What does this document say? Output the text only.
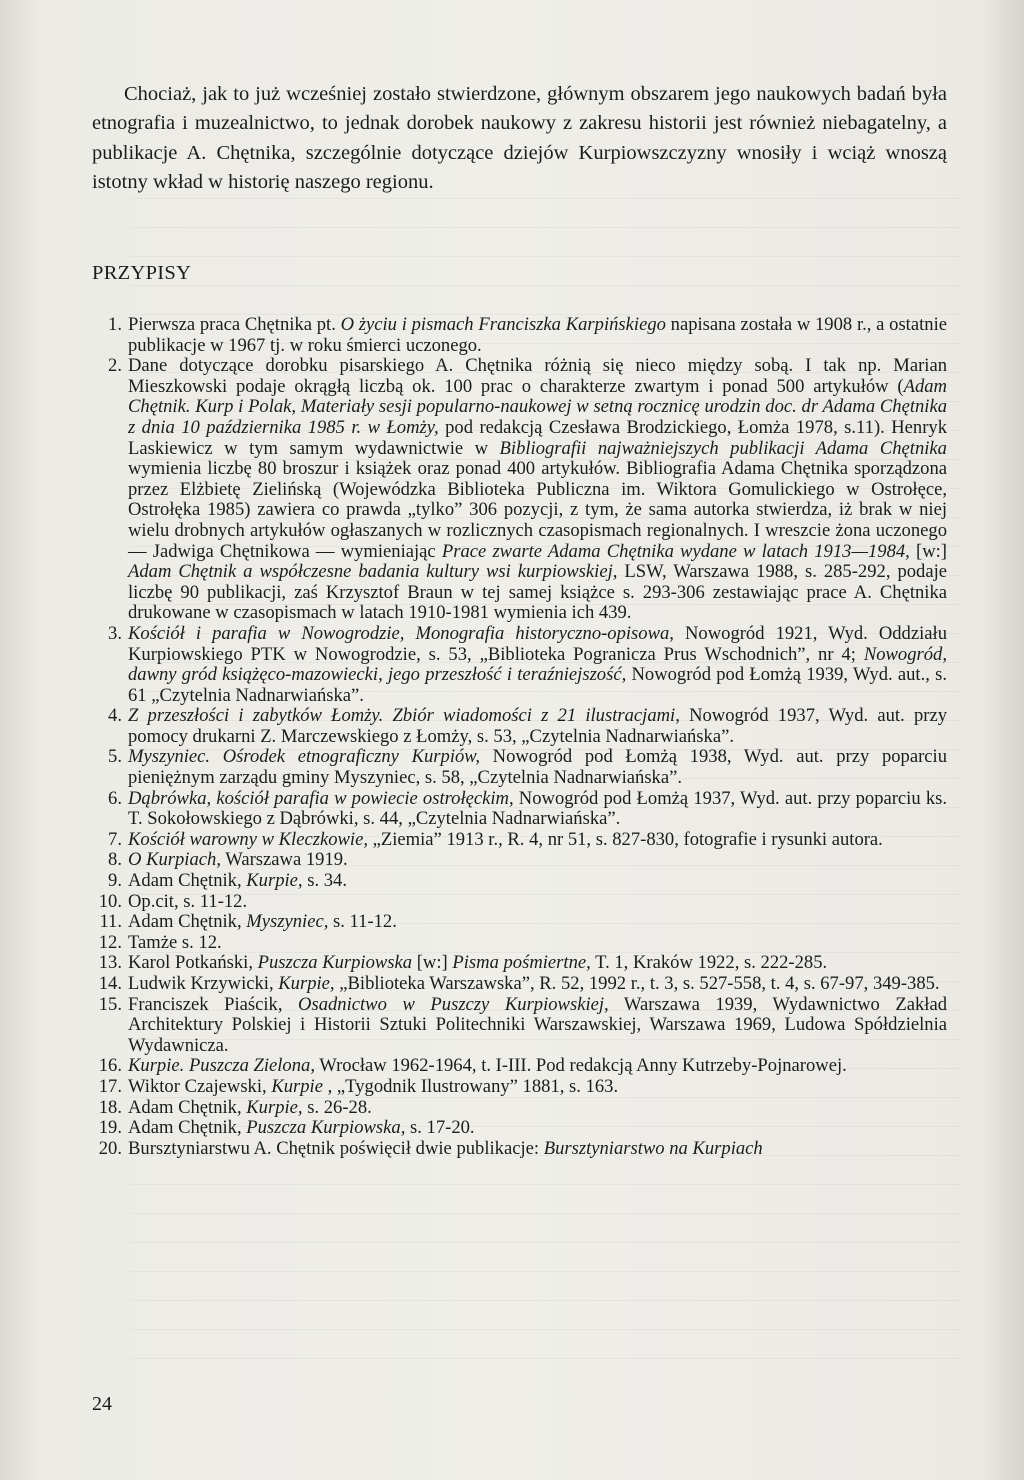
Chociaż, jak to już wcześniej zostało stwierdzone, głównym obszarem jego naukowych badań była etnografia i muzealnictwo, to jednak dorobek naukowy z zakresu historii jest również niebagatelny, a publikacje A. Chętnika, szczególnie dotyczące dziejów Kurpiowszczyzny wnosiły i wciąż wnoszą istotny wkład w historię naszego regionu.

PRZYPISY
1 . Pierwsza praca Chętnika pt. O życiu i pismach Franciszka Karpińskiego napisana została w 1908 r., a ostatnie publikacje w 1967 tj. w roku śmierci uczonego.
2 . Dane dotyczące dorobku pisarskiego A. Chętnika różnią się nieco między sobą. I tak np. Marian Mieszkowski podaje okrągłą liczbą ok. 100 prac o charakterze zwartym i ponad 500 artykułów (Adam Chętnik. Kurp i Polak, Materiały sesji popularno-naukowej w setną rocznicę urodzin doc. dr Adama Chętnika z dnia 10 października 1985 r. w Łomży, pod redakcją Czesława Brodzickiego, Łomża 1978, s.11). Henryk Laskiewicz w tym samym wydawnictwie w Bibliografii najważniejszych publikacji Adama Chętnika wymienia liczbę 80 broszur i książek oraz ponad 400 artykułów. Bibliografia Adama Chętnika sporządzona przez Elżbietę Zielińską (Wojewódzka Biblioteka Publiczna im. Wiktora Gomulickiego w Ostrołęce, Ostrołęka 1985) zawiera co prawda „tylko” 306 pozycji, z tym, że sama autorka stwierdza, iż brak w niej wielu drobnych artykułów ogłaszanych w rozlicznych czasopismach regionalnych. I wreszcie żona uczonego — Jadwiga Chętnikowa — wymieniając Prace zwarte Adama Chętnika wydane w latach 1913—1984, [w:] Adam Chętnik a współczesne badania kultury wsi kurpiowskiej, LSW, Warszawa 1988, s. 285-292, podaje liczbę 90 publikacji, zaś Krzysztof Braun w tej samej książce s. 293-306 zestawiając prace A. Chętnika drukowane w czasopismach w latach 1910-1981 wymienia ich 439.
3 . Kościół i parafia w Nowogrodzie, Monografia historyczno-opisowa, Nowogród 1921, Wyd. Oddziału Kurpiowskiego PTK w Nowogrodzie, s. 53, „Biblioteka Pogranicza Prus Wschodnich”, nr 4; Nowogród, dawny gród książęco-mazowiecki, jego przeszłość i teraźniejszość, Nowogród pod Łomżą 1939, Wyd. aut., s. 61 „Czytelnia Nadnarwiańska”.
4 . Z przeszłości i zabytków Łomży. Zbiór wiadomości z 21 ilustracjami, Nowogród 1937, Wyd. aut. przy pomocy drukarni Z. Marczewskiego z Łomży, s. 53, „Czytelnia Nadnarwiańska”.
5 . Myszyniec. Ośrodek etnograficzny Kurpiów, Nowogród pod Łomżą 1938, Wyd. aut. przy poparciu pieniężnym zarządu gminy Myszyniec, s. 58, „Czytelnia Nadnarwiańska”.
6 . Dąbrówka, kościół parafia w powiecie ostrołęckim, Nowogród pod Łomżą 1937, Wyd. aut. przy poparciu ks. T. Sokołowskiego z Dąbrówki, s. 44, „Czytelnia Nadnarwiańska”.
7 . Kościół warowny w Kleczkowie, „Ziemia” 1913 r., R. 4, nr 51, s. 827-830, fotografie i rysunki autora.
8 . O Kurpiach, Warszawa 1919.
9 . Adam Chętnik, Kurpie, s. 34.
10 . Op.cit, s. 11-12.
11 . Adam Chętnik, Myszyniec, s. 11-12.
12 . Tamże s. 12.
13 . Karol Potkański, Puszcza Kurpiowska [w:] Pisma pośmiertne, T. 1, Kraków 1922, s. 222-285.
14 . Ludwik Krzywicki, Kurpie, „Biblioteka Warszawska”, R. 52, 1992 r., t. 3, s. 527-558, t. 4, s. 67-97, 349-385.
15 . Franciszek Piaścik, Osadnictwo w Puszczy Kurpiowskiej, Warszawa 1939, Wydawnictwo Zakład Architektury Polskiej i Historii Sztuki Politechniki Warszawskiej, Warszawa 1969, Ludowa Spółdzielnia Wydawnicza.
16 . Kurpie. Puszcza Zielona, Wrocław 1962-1964, t. I-III. Pod redakcją Anny Kutrzeby-Pojnarowej.
17 . Wiktor Czajewski, Kurpie , „Tygodnik Ilustrowany” 1881, s. 163.
18 . Adam Chętnik, Kurpie, s. 26-28.
19 . Adam Chętnik, Puszcza Kurpiowska, s. 17-20.
20 . Bursztyniarstwu A. Chętnik poświęcił dwie publikacje: Bursztyniarstwo na Kurpiach
24
